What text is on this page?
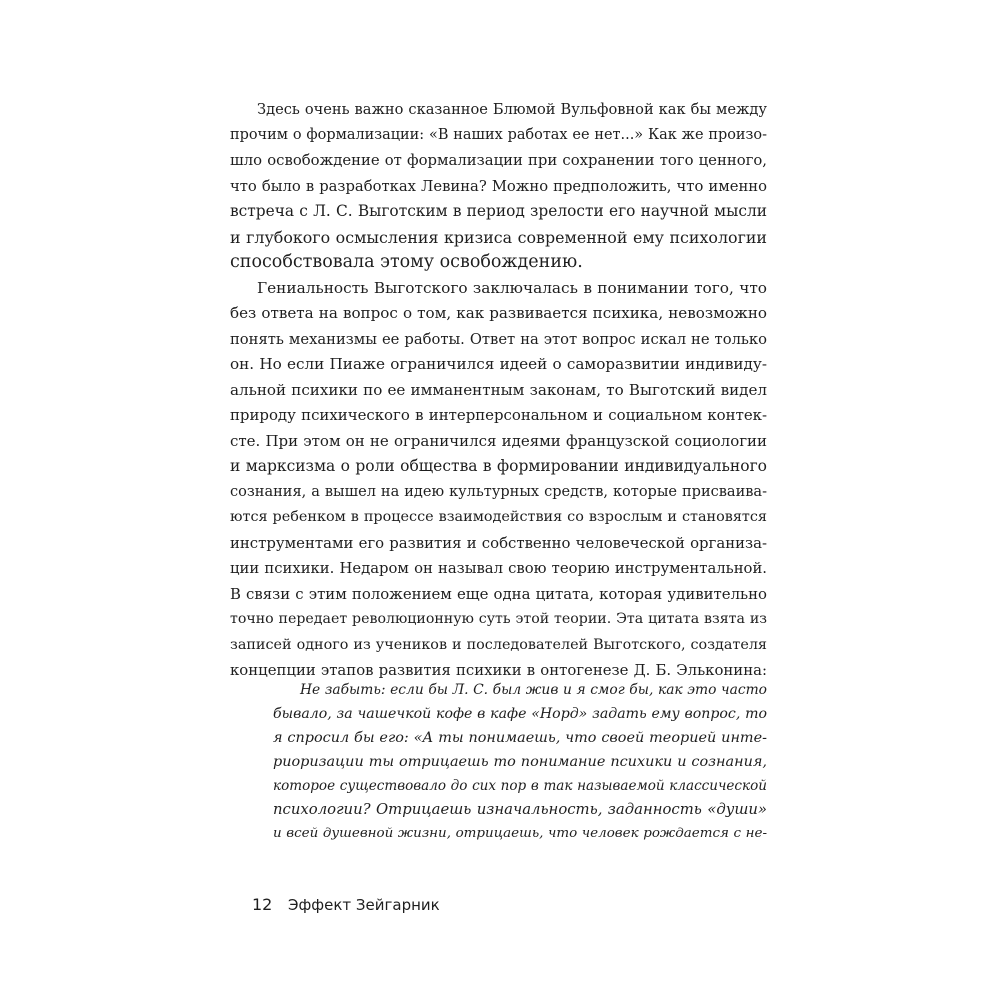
Здесь очень важно сказанное Блюмой Вульфовной как бы между
прочим о формализации: «В наших работах ее нет...» Как же произо-
шло освобождение от формализации при сохранении того ценного,
что было в разработках Левина? Можно предположить, что именно
встреча с Л. С. Выготским в период зрелости его научной мысли
и глубокого осмысления кризиса современной ему психологии
способствовала этому освобождению.
Гениальность Выготского заключалась в понимании того, что
без ответа на вопрос о том, как развивается психика, невозможно
понять механизмы ее работы. Ответ на этот вопрос искал не только
он. Но если Пиаже ограничился идеей о саморазвитии индивиду-
альной психики по ее имманентным законам, то Выготский видел
природу психического в интерперсональном и социальном контек-
сте. При этом он не ограничился идеями французской социологии
и марксизма о роли общества в формировании индивидуального
сознания, а вышел на идею культурных средств, которые присваива-
ются ребенком в процессе взаимодействия со взрослым и становятся
инструментами его развития и собственно человеческой организа-
ции психики. Недаром он называл свою теорию инструментальной.
В связи с этим положением еще одна цитата, которая удивительно
точно передает революционную суть этой теории. Эта цитата взята из
записей одного из учеников и последователей Выготского, создателя
концепции этапов развития психики в онтогенезе Д. Б. Эльконина:
Не забыть: если бы Л. С. был жив и я смог бы, как это часто
бывало, за чашечкой кофе в кафе «Норд» задать ему вопрос, то
я спросил бы его: «А ты понимаешь, что своей теорией инте-
риоризации ты отрицаешь то понимание психики и сознания,
которое существовало до сих пор в так называемой классической
психологии? Отрицаешь изначальность, заданность «души»
и всей душевной жизни, отрицаешь, что человек рождается с не-
12 Эффект Зейгарник
